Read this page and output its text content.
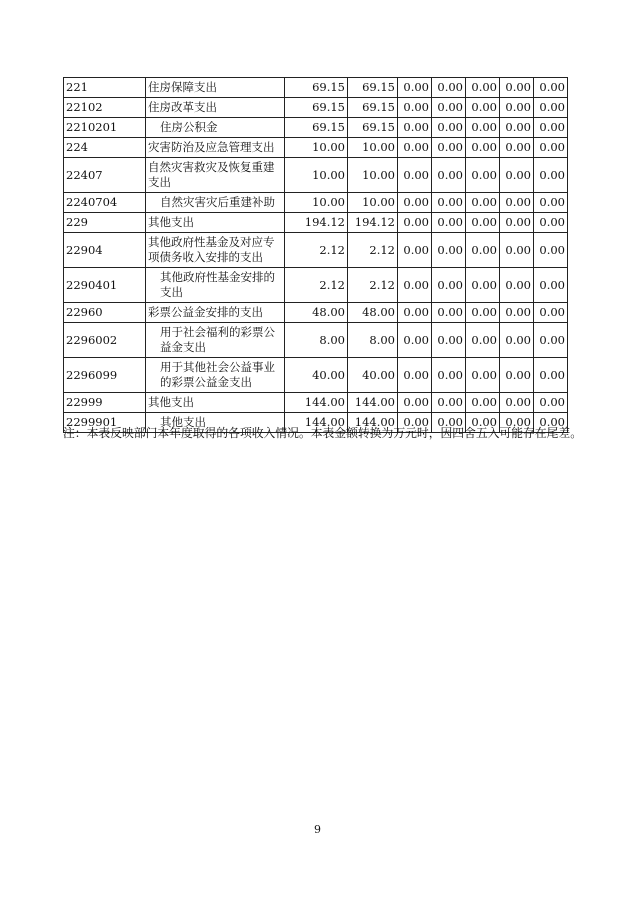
221	住房保障支出	69.15	69.15	0.00	0.00	0.00	0.00	0.00
22102	住房改革支出	69.15	69.15	0.00	0.00	0.00	0.00	0.00
2210201	住房公积金	69.15	69.15	0.00	0.00	0.00	0.00	0.00
224	灾害防治及应急管理支出	10.00	10.00	0.00	0.00	0.00	0.00	0.00
22407	自然灾害救灾及恢复重建支出	10.00	10.00	0.00	0.00	0.00	0.00	0.00
2240704	自然灾害灾后重建补助	10.00	10.00	0.00	0.00	0.00	0.00	0.00
229	其他支出	194.12	194.12	0.00	0.00	0.00	0.00	0.00
22904	其他政府性基金及对应专项债务收入安排的支出	2.12	2.12	0.00	0.00	0.00	0.00	0.00
2290401	其他政府性基金安排的支出	2.12	2.12	0.00	0.00	0.00	0.00	0.00
22960	彩票公益金安排的支出	48.00	48.00	0.00	0.00	0.00	0.00	0.00
2296002	用于社会福利的彩票公益金支出	8.00	8.00	0.00	0.00	0.00	0.00	0.00
2296099	用于其他社会公益事业的彩票公益金支出	40.00	40.00	0.00	0.00	0.00	0.00	0.00
22999	其他支出	144.00	144.00	0.00	0.00	0.00	0.00	0.00
2299901	其他支出	144.00	144.00	0.00	0.00	0.00	0.00	0.00
注：本表反映部门本年度取得的各项收入情况。本表金额转换为万元时，因四舍五入可能存在尾差。
9
